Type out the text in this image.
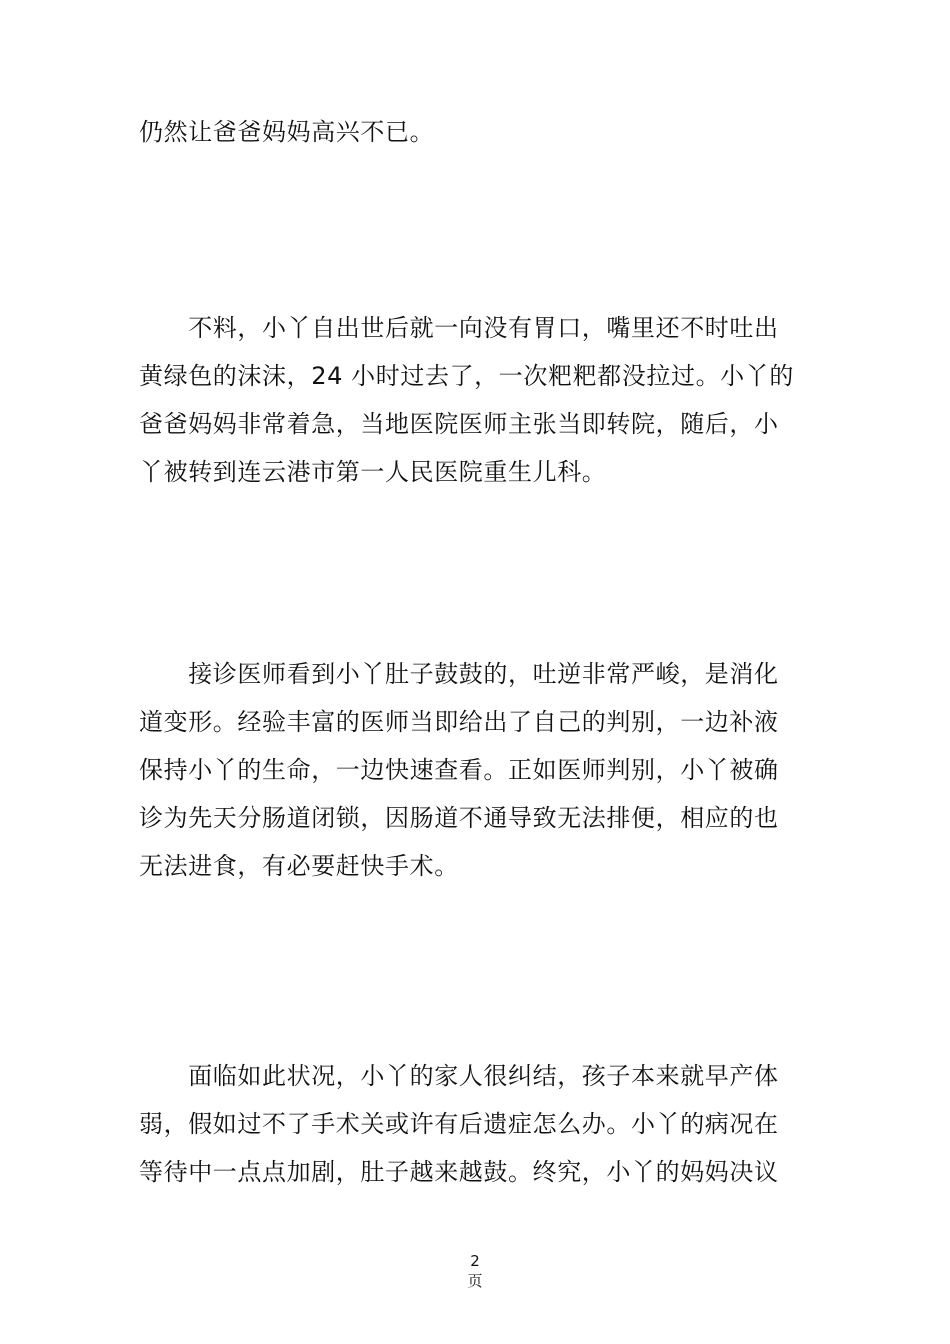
仍然让爸爸妈妈高兴不已。
　　不料，小丫自出世后就一向没有胃口，嘴里还不时吐出
黄绿色的沫沫，24 小时过去了，一次粑粑都没拉过。小丫的
爸爸妈妈非常着急，当地医院医师主张当即转院，随后，小
丫被转到连云港市第一人民医院重生儿科。
　　接诊医师看到小丫肚子鼓鼓的，吐逆非常严峻，是消化
道变形。经验丰富的医师当即给出了自己的判别，一边补液
保持小丫的生命，一边快速查看。正如医师判别，小丫被确
诊为先天分肠道闭锁，因肠道不通导致无法排便，相应的也
无法进食，有必要赶快手术。
　　面临如此状况，小丫的家人很纠结，孩子本来就早产体
弱，假如过不了手术关或许有后遗症怎么办。小丫的病况在
等待中一点点加剧，肚子越来越鼓。终究，小丫的妈妈决议
2
页
